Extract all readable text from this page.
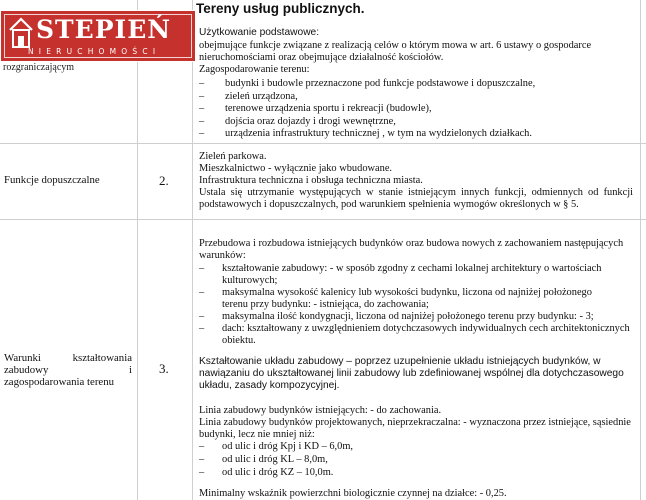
STEPIEŃ
NIERUCHOMOŚCI
rozgraniczającym
Tereny usług publicznych.
Użytkowanie podstawowe:
obejmujące funkcje związane z realizacją celów o którym mowa w art. 6 ustawy o gospodarce
nieruchomościami oraz obejmujące działalność kościołów.
Zagospodarowanie terenu:
– budynki i budowle przeznaczone pod funkcje podstawowe i dopuszczalne,
– zieleń urządzona,
– terenowe urządzenia sportu i rekreacji (budowle),
– dojścia oraz dojazdy i drogi wewnętrzne,
– urządzenia infrastruktury technicznej , w tym na wydzielonych działkach.
Funkcje dopuszczalne	2.
Zieleń parkowa.
Mieszkalnictwo - wyłącznie jako wbudowane.
Infrastruktura techniczna i obsługa techniczna miasta.
Ustala się utrzymanie występujących w stanie istniejącym innych funkcji, odmiennych od funkcji podstawowych i dopuszczalnych, pod warunkiem spełnienia wymogów określonych w § 5.
Warunki kształtowania
zabudowy i
zagospodarowania terenu
3.
Przebudowa i rozbudowa istniejących budynków oraz budowa nowych z zachowaniem następujących
warunków:
– kształtowanie zabudowy: - w sposób zgodny z cechami lokalnej architektury o wartościach
kulturowych;
– maksymalna wysokość kalenicy lub wysokości budynku, liczona od najniżej położonego
terenu przy budynku: - istniejąca, do zachowania;
– maksymalna ilość kondygnacji, liczona od najniżej położonego terenu przy budynku: - 3;
– dach: kształtowany z uwzględnieniem dotychczasowych indywidualnych cech architektonicznych
obiektu.
Kształtowanie układu zabudowy – poprzez uzupełnienie układu istniejących budynków, w
nawiązaniu do ukształtowanej linii zabudowy lub zdefiniowanej wspólnej dla dotychczasowego
układu, zasady kompozycyjnej.
Linia zabudowy budynków istniejących: - do zachowania.
Linia zabudowy budynków projektowanych, nieprzekraczalna: - wyznaczona przez istniejące, sąsiednie
budynki, lecz nie mniej niż:
– od ulic i dróg Kpj i KD – 6,0m,
– od ulic i dróg KL – 8,0m,
– od ulic i dróg KZ – 10,0m.
Minimalny wskaźnik powierzchni biologicznie czynnej na działce: - 0,25.
